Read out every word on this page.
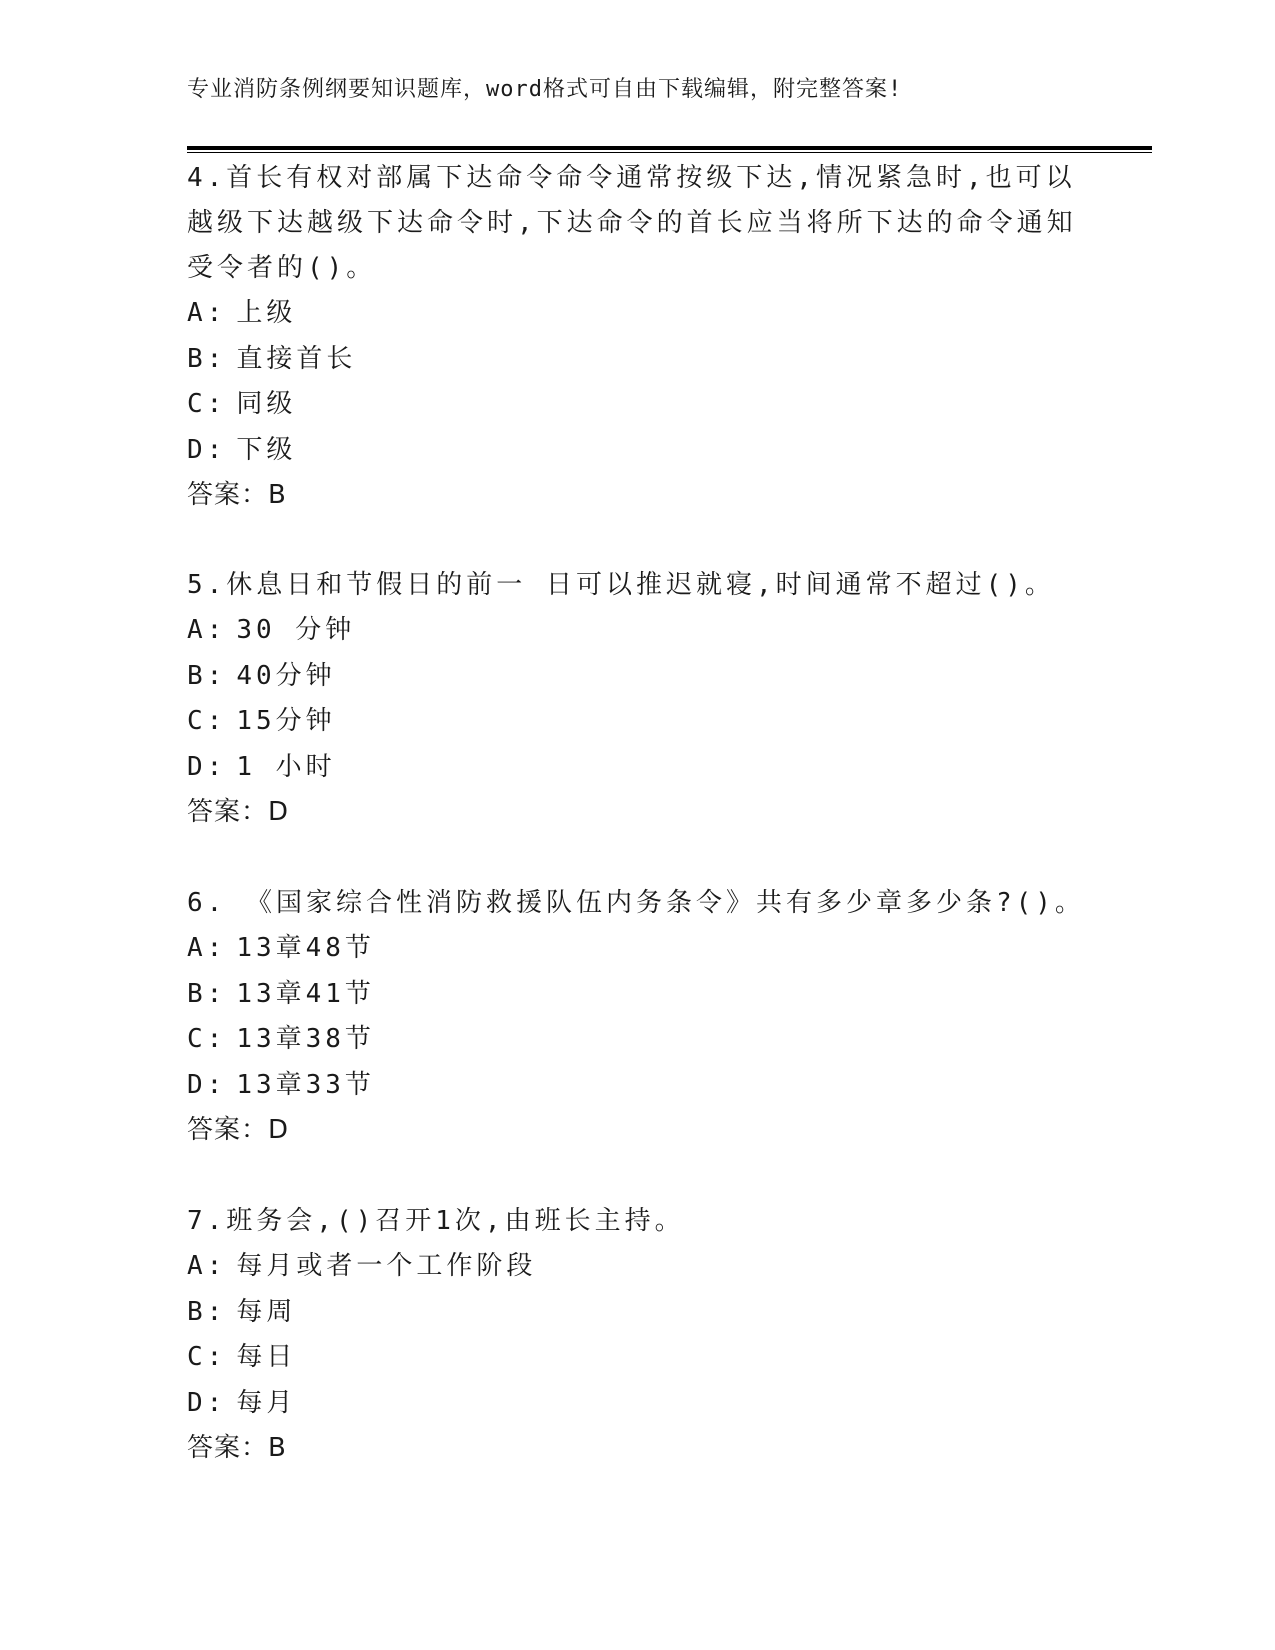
专业消防条例纲要知识题库，word格式可自由下载编辑，附完整答案!

4.首长有权对部属下达命令命令通常按级下达,情况紧急时,也可以 越级下达越级下达命令时,下达命令的首长应当将所下达的命令通知受令者的()。

A: 上级
B: 直接首长
C: 同级
D: 下级
答案：B

5.休息日和节假日的前一 日可以推迟就寝,时间通常不超过()。

A: 30 分钟
B: 40分钟
C: 15分钟
D: 1 小时
答案：D

6. 《国家综合性消防救援队伍内务条令》共有多少章多少条?()。

A: 13章48节
B: 13章41节
C: 13章38节
D: 13章33节
答案：D

7.班务会,()召开1次,由班长主持。

A: 每月或者一个工作阶段
B: 每周
C: 每日
D: 每月
答案：B
